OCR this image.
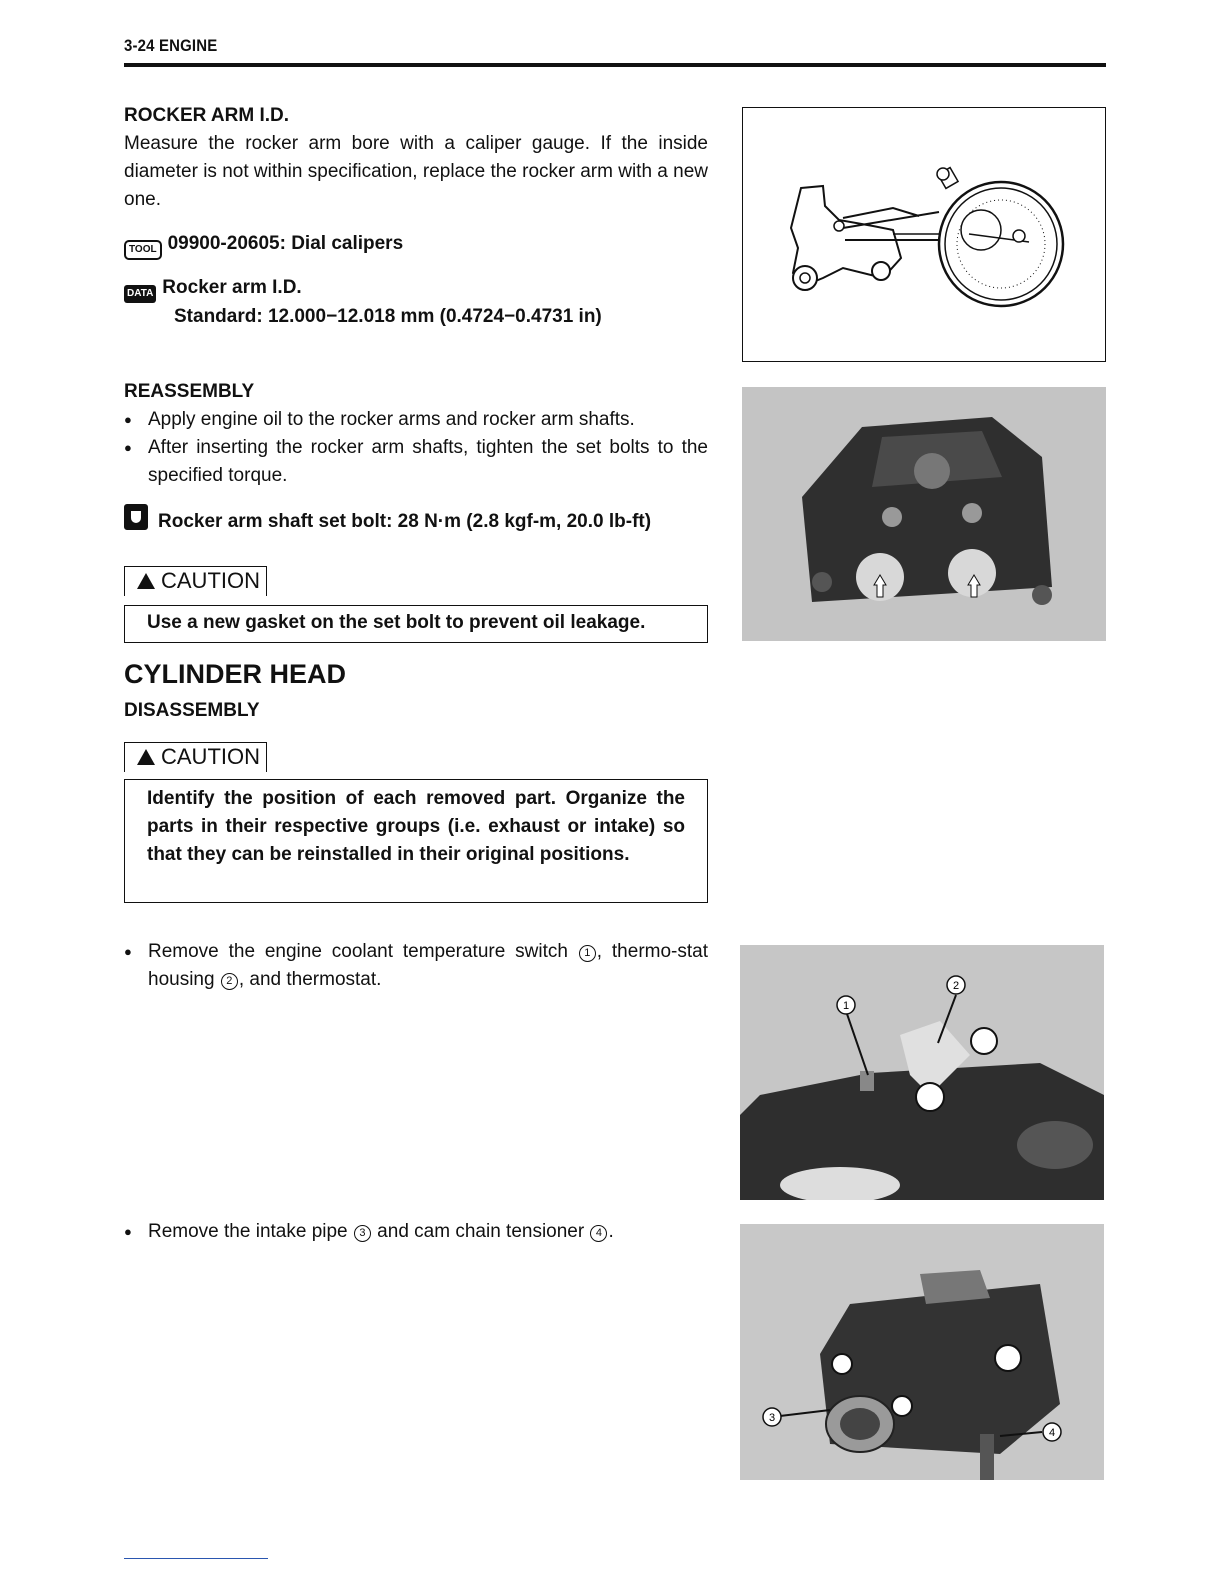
3-24 ENGINE
ROCKER ARM I.D.
Measure the rocker arm bore with a caliper gauge. If the inside diameter is not within specification, replace the rocker arm with a new one.
TOOL 09900-20605: Dial calipers
DATA Rocker arm I.D.
Standard: 12.000−12.018 mm (0.4724−0.4731 in)
REASSEMBLY
● Apply engine oil to the rocker arms and rocker arm shafts.
● After inserting the rocker arm shafts, tighten the set bolts to the specified torque.
Rocker arm shaft set bolt: 28 N·m (2.8 kgf-m, 20.0 lb-ft)
CAUTION
Use a new gasket on the set bolt to prevent oil leakage.
CYLINDER HEAD
DISASSEMBLY
CAUTION
Identify the position of each removed part. Organize the parts in their respective groups (i.e. exhaust or intake) so that they can be reinstalled in their original positions.
● Remove the engine coolant temperature switch 1 , thermo-stat housing 2 , and thermostat.
1
2
● Remove the intake pipe 3 and cam chain tensioner 4 .
3
4
